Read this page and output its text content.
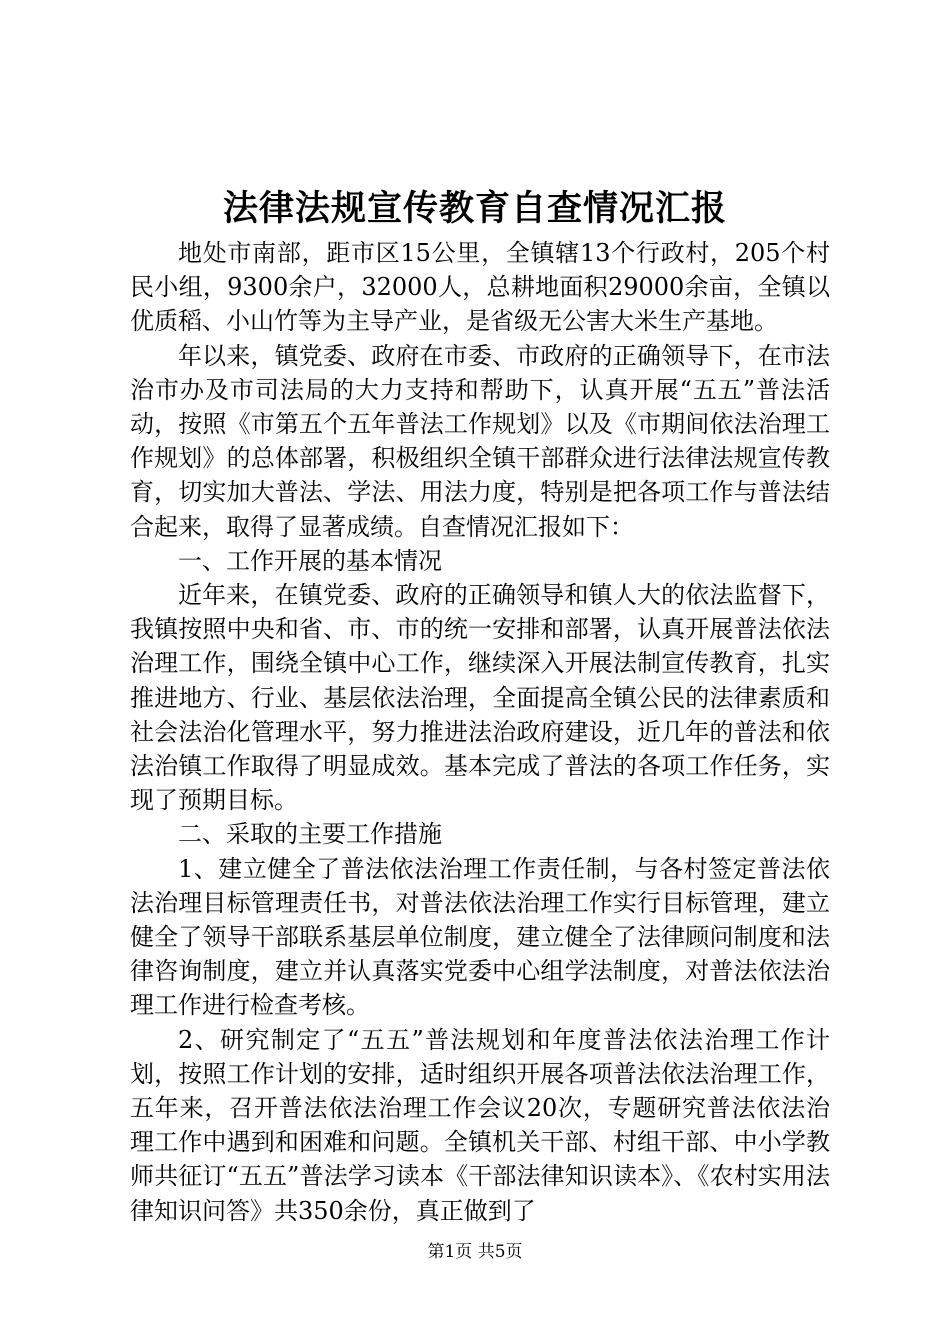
法律法规宣传教育自查情况汇报

地处市南部，距市区15公里，全镇辖13个行政村，205个村民小组，9300余户，32000人，总耕地面积29000余亩，全镇以优质稻、小山竹等为主导产业，是省级无公害大米生产基地。

年以来，镇党委、政府在市委、市政府的正确领导下，在市法治市办及市司法局的大力支持和帮助下，认真开展“五五”普法活动，按照《市第五个五年普法工作规划》以及《市期间依法治理工作规划》的总体部署，积极组织全镇干部群众进行法律法规宣传教育，切实加大普法、学法、用法力度，特别是把各项工作与普法结合起来，取得了显著成绩。自查情况汇报如下：

一、工作开展的基本情况

近年来，在镇党委、政府的正确领导和镇人大的依法监督下，我镇按照中央和省、市、市的统一安排和部署，认真开展普法依法治理工作，围绕全镇中心工作，继续深入开展法制宣传教育，扎实推进地方、行业、基层依法治理，全面提高全镇公民的法律素质和社会法治化管理水平，努力推进法治政府建设，近几年的普法和依法治镇工作取得了明显成效。基本完成了普法的各项工作任务，实现了预期目标。

二、采取的主要工作措施

1、建立健全了普法依法治理工作责任制，与各村签定普法依法治理目标管理责任书，对普法依法治理工作实行目标管理，建立健全了领导干部联系基层单位制度，建立健全了法律顾问制度和法律咨询制度，建立并认真落实党委中心组学法制度，对普法依法治理工作进行检查考核。

2、研究制定了“五五”普法规划和年度普法依法治理工作计划，按照工作计划的安排，适时组织开展各项普法依法治理工作，五年来，召开普法依法治理工作会议20次，专题研究普法依法治理工作中遇到和困难和问题。全镇机关干部、村组干部、中小学教师共征订“五五”普法学习读本《干部法律知识读本》、《农村实用法律知识问答》共350余份，真正做到了

第1页 共5页
